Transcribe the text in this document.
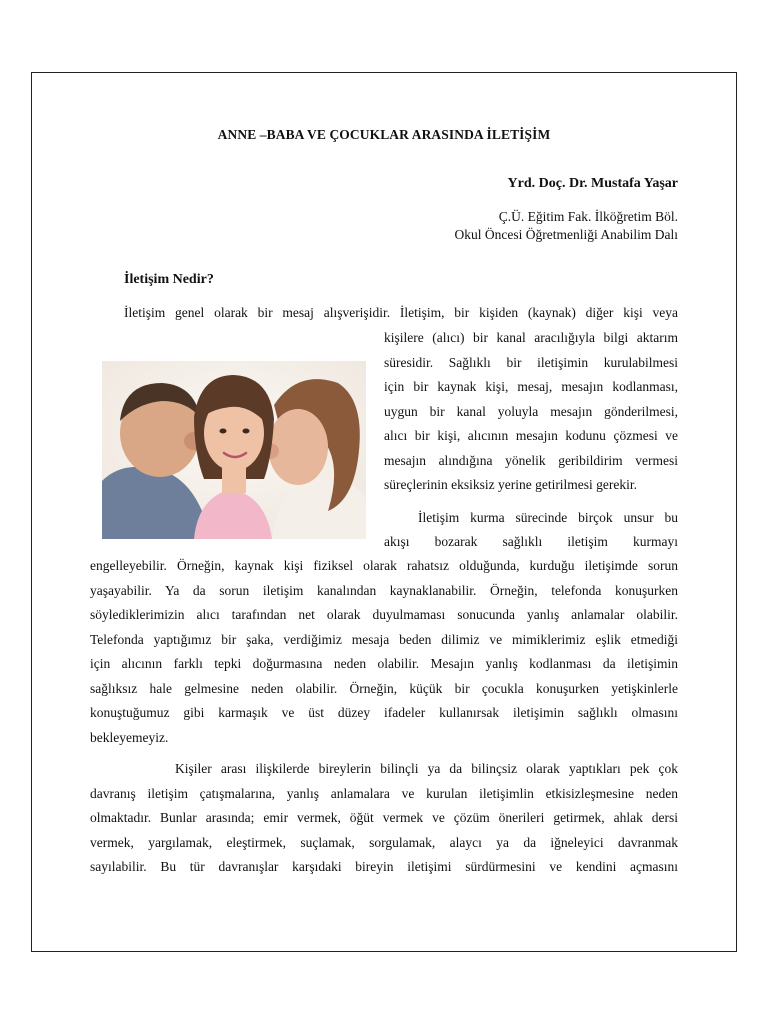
ANNE –BABA VE ÇOCUKLAR ARASINDA İLETİŞİM
Yrd. Doç. Dr. Mustafa Yaşar
Ç.Ü. Eğitim Fak. İlköğretim Böl.
Okul Öncesi Öğretmenliği Anabilim Dalı
İletişim Nedir?
İletişim genel olarak bir mesaj alışverişidir. İletişim, bir kişiden (kaynak) diğer kişi veya
kişilere (alıcı) bir kanal aracılığıyla bilgi aktarım
süresidir. Sağlıklı bir iletişimin kurulabilmesi
için bir kaynak kişi, mesaj, mesajın kodlanması,
uygun bir kanal yoluyla mesajın gönderilmesi,
alıcı bir kişi, alıcının mesajın kodunu çözmesi ve
mesajın alındığına yönelik geribildirim vermesi
süreçlerinin eksiksiz yerine getirilmesi gerekir.
İletişim kurma sürecinde birçok unsur bu
akışı bozarak sağlıklı iletişim kurmayı
engelleyebilir. Örneğin, kaynak kişi fiziksel olarak rahatsız olduğunda, kurduğu iletişimde sorun
yaşayabilir. Ya da sorun iletişim kanalından kaynaklanabilir. Örneğin, telefonda konuşurken
söylediklerimizin alıcı tarafından net olarak duyulmaması sonucunda yanlış anlamalar olabilir.
Telefonda yaptığımız bir şaka, verdiğimiz mesaja beden dilimiz ve mimiklerimiz eşlik etmediği
için alıcının farklı tepki doğurmasına neden olabilir. Mesajın yanlış kodlanması da iletişimin
sağlıksız hale gelmesine neden olabilir. Örneğin, küçük bir çocukla konuşurken yetişkinlerle
konuştuğumuz gibi karmaşık ve üst düzey ifadeler kullanırsak iletişimin sağlıklı olmasını
bekleyemeyiz.
Kişiler arası ilişkilerde bireylerin bilinçli ya da bilinçsiz olarak yaptıkları pek çok
davranış iletişim çatışmalarına, yanlış anlamalara ve kurulan iletişimlin etkisizleşmesine neden
olmaktadır. Bunlar arasında; emir vermek, öğüt vermek ve çözüm önerileri getirmek, ahlak dersi
vermek, yargılamak, eleştirmek, suçlamak, sorgulamak, alaycı ya da iğneleyici davranmak
sayılabilir. Bu tür davranışlar karşıdaki bireyin iletişimi sürdürmesini ve kendini açmasını
